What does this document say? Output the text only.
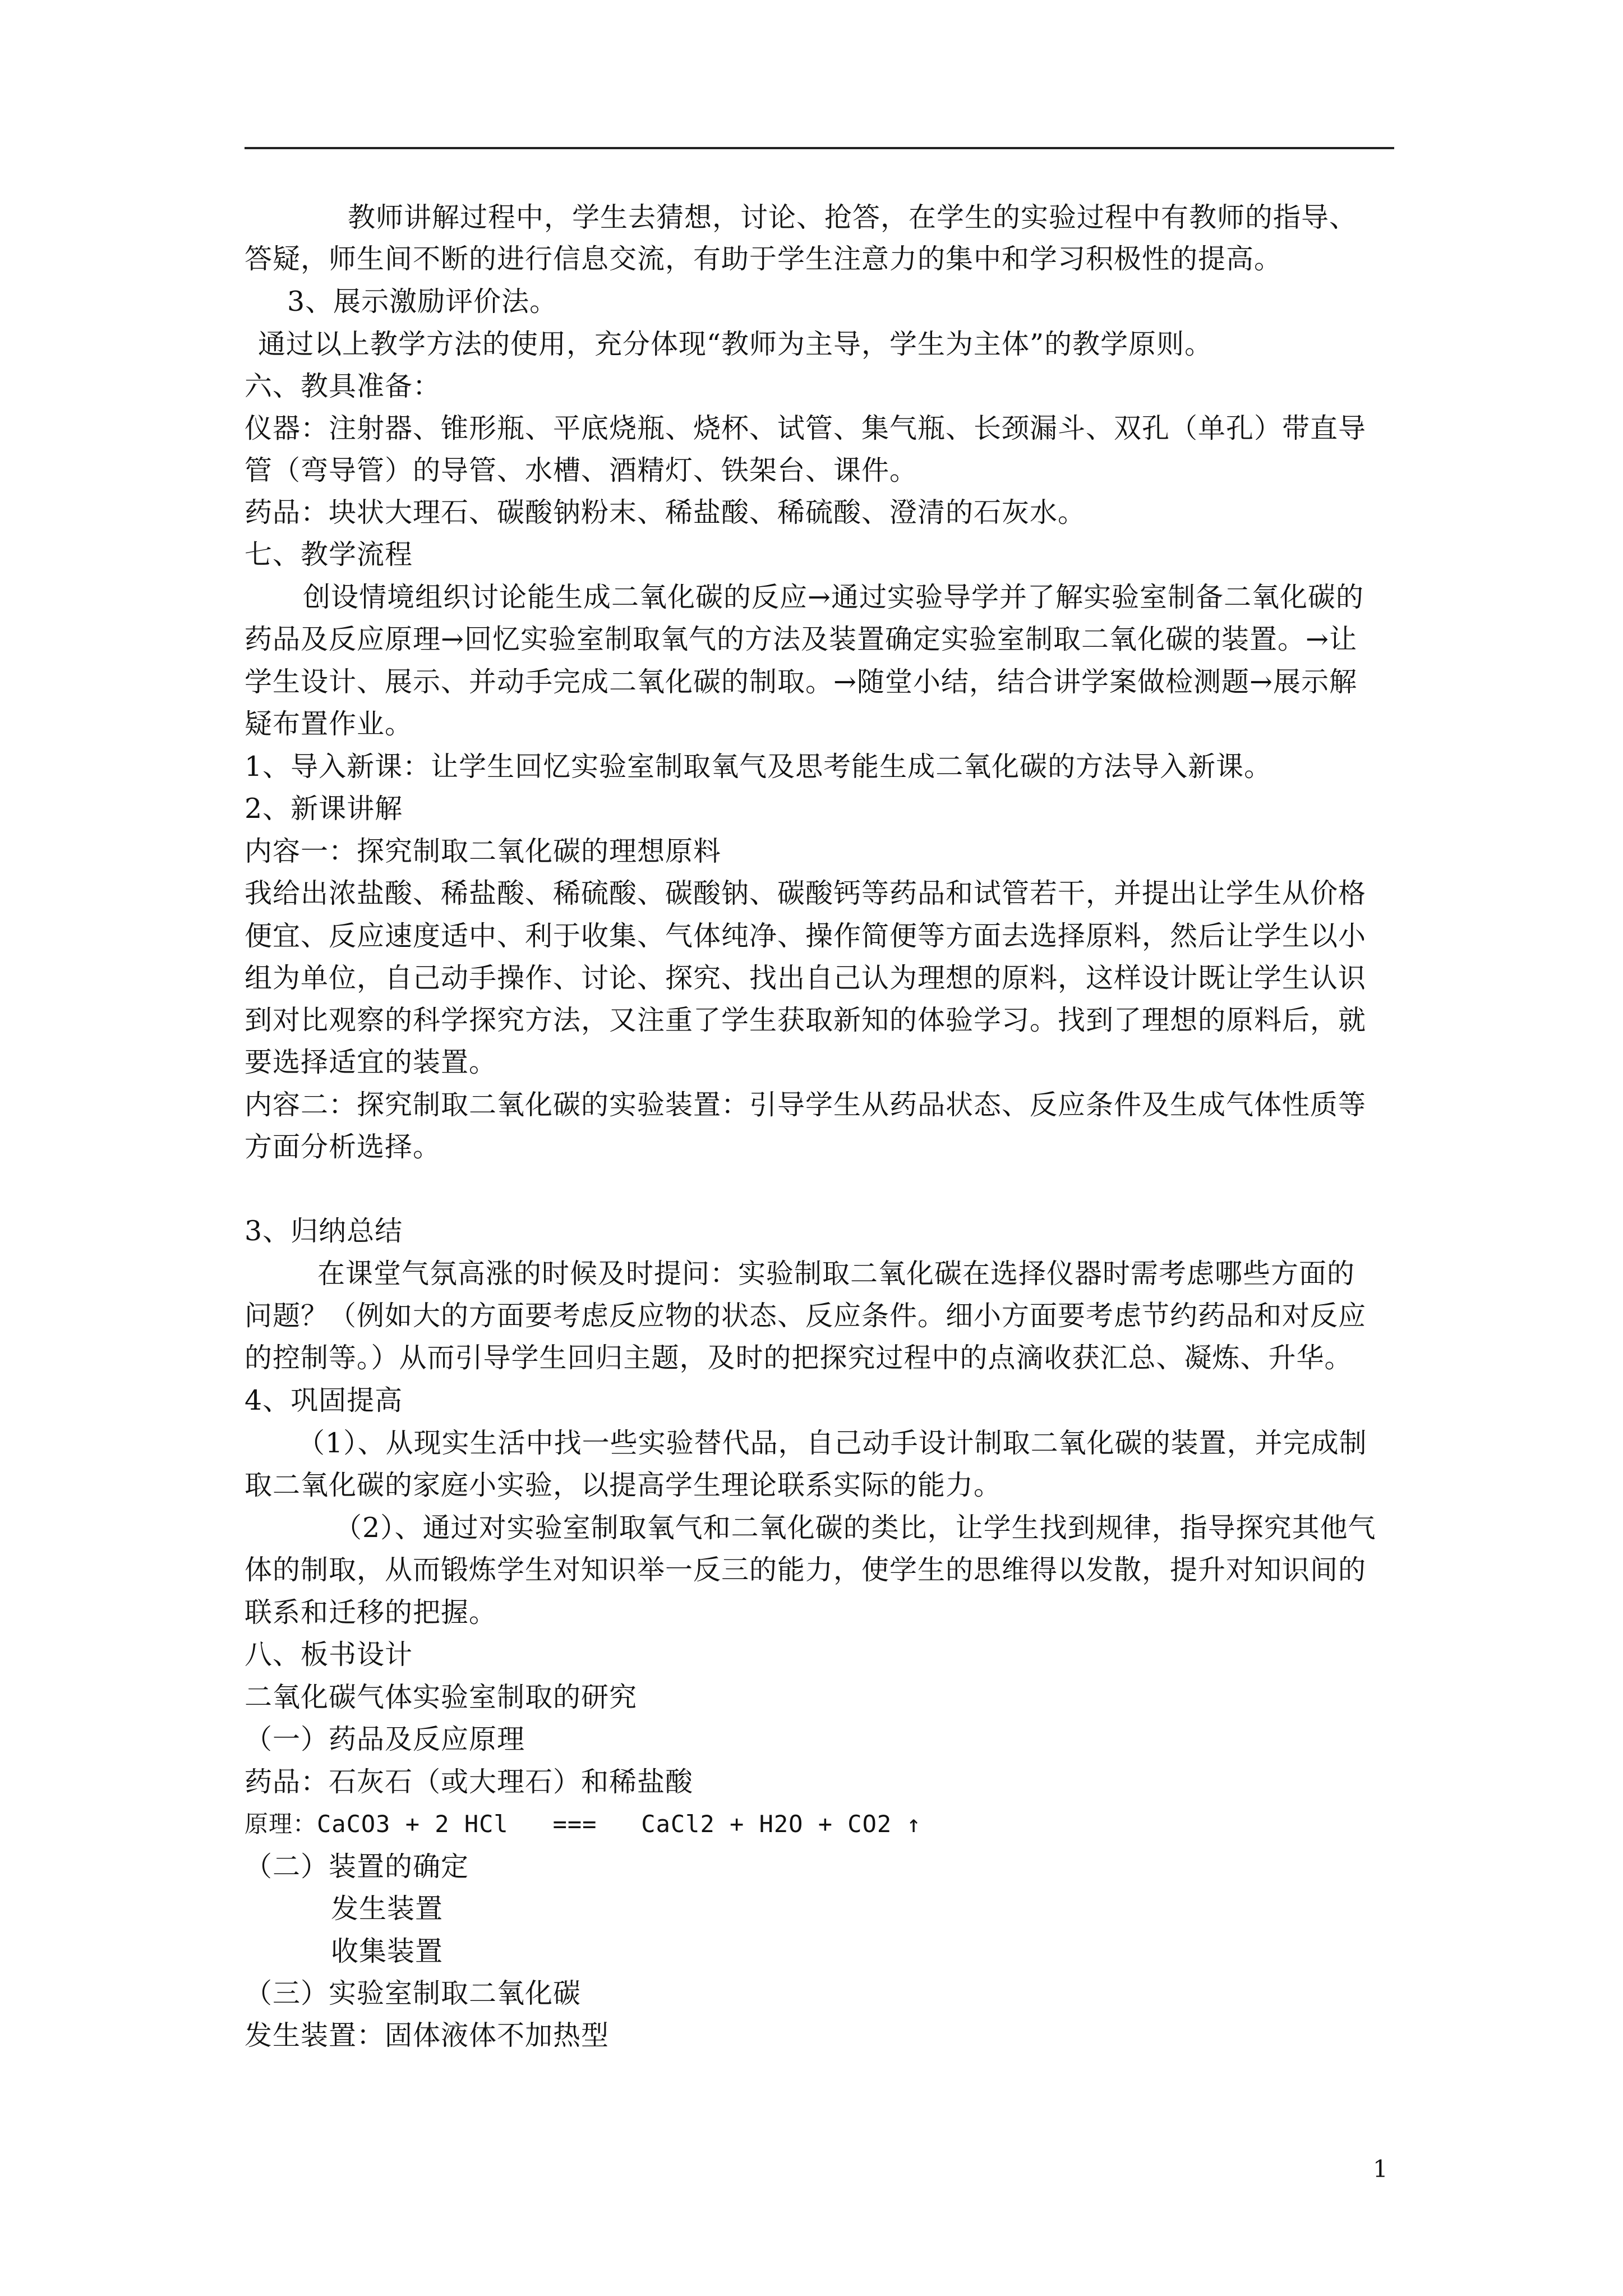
教师讲解过程中，学生去猜想，讨论、抢答，在学生的实验过程中有教师的指导、
答疑，师生间不断的进行信息交流，有助于学生注意力的集中和学习积极性的提高。
3、展示激励评价法。
通过以上教学方法的使用，充分体现“教师为主导，学生为主体”的教学原则。
六、教具准备：
仪器：注射器、锥形瓶、平底烧瓶、烧杯、试管、集气瓶、长颈漏斗、双孔（单孔）带直导
管（弯导管）的导管、水槽、酒精灯、铁架台、课件。
药品：块状大理石、碳酸钠粉末、稀盐酸、稀硫酸、澄清的石灰水。
七、教学流程
创设情境组织讨论能生成二氧化碳的反应→通过实验导学并了解实验室制备二氧化碳的
药品及反应原理→回忆实验室制取氧气的方法及装置确定实验室制取二氧化碳的装置。→让
学生设计、展示、并动手完成二氧化碳的制取。→随堂小结，结合讲学案做检测题→展示解
疑布置作业。
1、导入新课：让学生回忆实验室制取氧气及思考能生成二氧化碳的方法导入新课。
2、新课讲解
内容一：探究制取二氧化碳的理想原料
我给出浓盐酸、稀盐酸、稀硫酸、碳酸钠、碳酸钙等药品和试管若干，并提出让学生从价格
便宜、反应速度适中、利于收集、气体纯净、操作简便等方面去选择原料，然后让学生以小
组为单位，自己动手操作、讨论、探究、找出自己认为理想的原料，这样设计既让学生认识
到对比观察的科学探究方法，又注重了学生获取新知的体验学习。找到了理想的原料后，就
要选择适宜的装置。
内容二：探究制取二氧化碳的实验装置：引导学生从药品状态、反应条件及生成气体性质等
方面分析选择。
3、归纳总结
在课堂气氛高涨的时候及时提问：实验制取二氧化碳在选择仪器时需考虑哪些方面的
问题？（例如大的方面要考虑反应物的状态、反应条件。细小方面要考虑节约药品和对反应
的控制等。）从而引导学生回归主题，及时的把探究过程中的点滴收获汇总、凝炼、升华。
4、巩固提高
（1）、从现实生活中找一些实验替代品，自己动手设计制取二氧化碳的装置，并完成制
取二氧化碳的家庭小实验，以提高学生理论联系实际的能力。
（2）、通过对实验室制取氧气和二氧化碳的类比，让学生找到规律，指导探究其他气
体的制取，从而锻炼学生对知识举一反三的能力，使学生的思维得以发散，提升对知识间的
联系和迁移的把握。
八、板书设计
二氧化碳气体实验室制取的研究
（一）药品及反应原理
药品：石灰石（或大理石）和稀盐酸
原理：CaCO3 + 2 HCl   ===   CaCl2 + H2O + CO2 ↑
（二）装置的确定
发生装置
收集装置
（三）实验室制取二氧化碳
发生装置：固体液体不加热型
1
